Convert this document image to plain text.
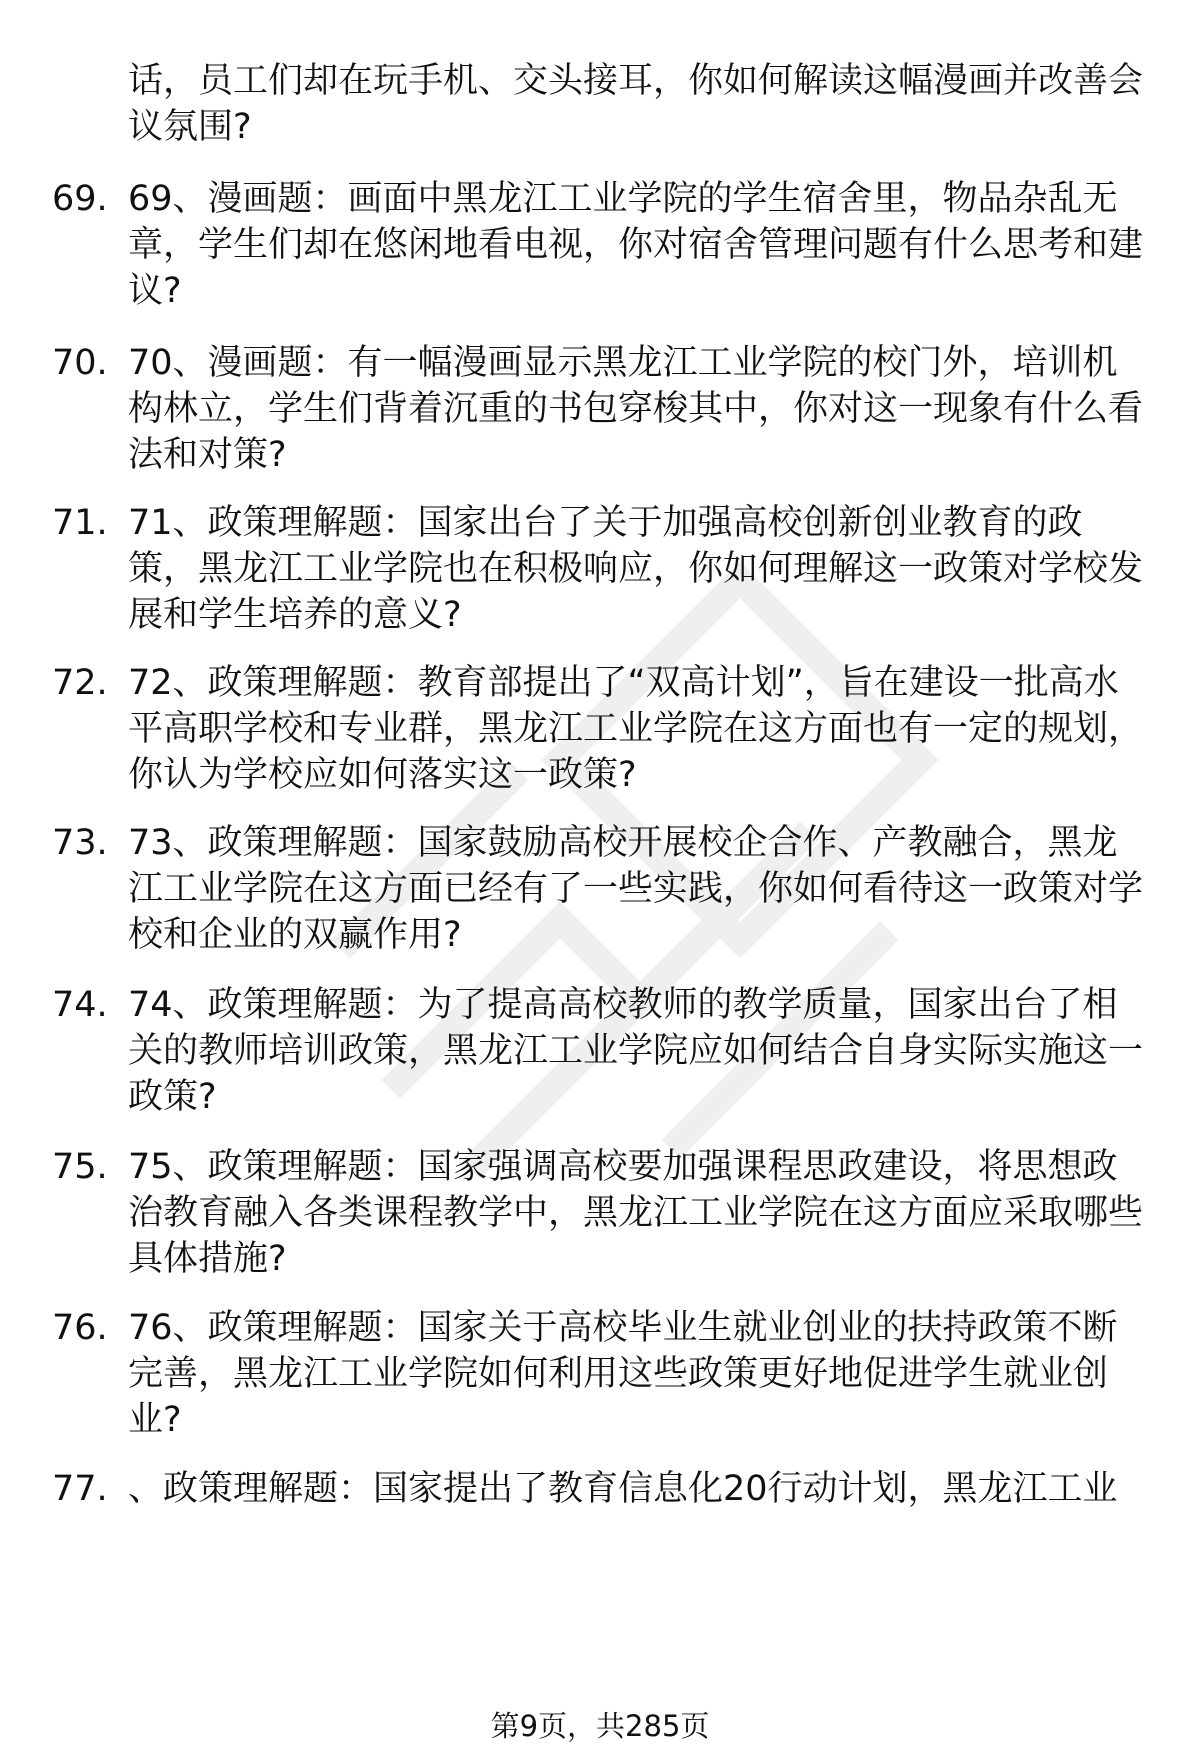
话，员工们却在玩手机、交头接耳，你如何解读这幅漫画并改善会议氛围?
69. 69、漫画题：画面中黑龙江工业学院的学生宿舍里，物品杂乱无章，学生们却在悠闲地看电视，你对宿舍管理问题有什么思考和建议?
70. 70、漫画题：有一幅漫画显示黑龙江工业学院的校门外，培训机构林立，学生们背着沉重的书包穿梭其中，你对这一现象有什么看法和对策?
71. 71、政策理解题：国家出台了关于加强高校创新创业教育的政策，黑龙江工业学院也在积极响应，你如何理解这一政策对学校发展和学生培养的意义?
72. 72、政策理解题：教育部提出了“双高计划”，旨在建设一批高水平高职学校和专业群，黑龙江工业学院在这方面也有一定的规划，你认为学校应如何落实这一政策?
73. 73、政策理解题：国家鼓励高校开展校企合作、产教融合，黑龙江工业学院在这方面已经有了一些实践，你如何看待这一政策对学校和企业的双赢作用?
74. 74、政策理解题：为了提高高校教师的教学质量，国家出台了相关的教师培训政策，黑龙江工业学院应如何结合自身实际实施这一政策?
75. 75、政策理解题：国家强调高校要加强课程思政建设，将思想政治教育融入各类课程教学中，黑龙江工业学院在这方面应采取哪些具体措施?
76. 76、政策理解题：国家关于高校毕业生就业创业的扶持政策不断完善，黑龙江工业学院如何利用这些政策更好地促进学生就业创业?
77. 、政策理解题：国家提出了教育信息化20行动计划，黑龙江工业
第9页，共285页
